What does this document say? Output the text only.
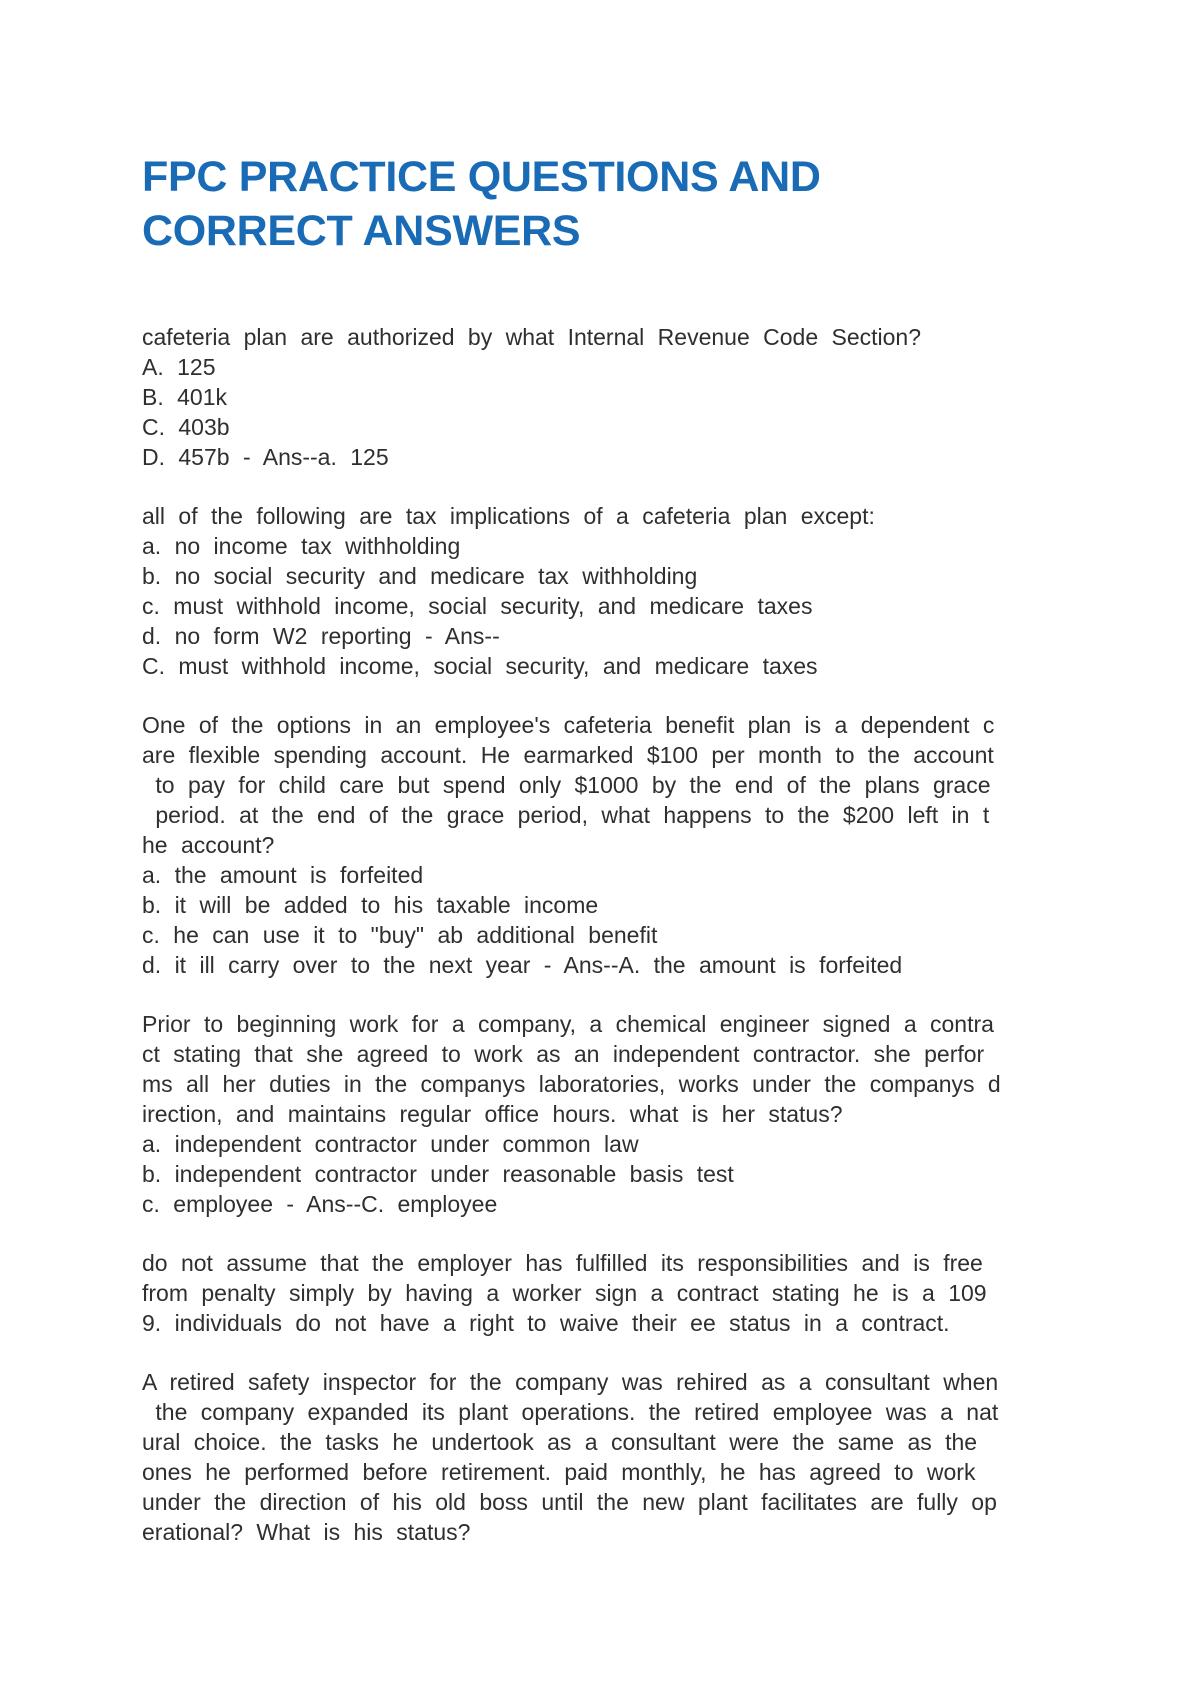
FPC PRACTICE QUESTIONS AND
CORRECT ANSWERS
cafeteria plan are authorized by what Internal Revenue Code Section?
A. 125
B. 401k
C. 403b
D. 457b - Ans--a. 125
all of the following are tax implications of a cafeteria plan except:
a. no income tax withholding
b. no social security and medicare tax withholding
c. must withhold income, social security, and medicare taxes
d. no form W2 reporting - Ans--
C. must withhold income, social security, and medicare taxes
One of the options in an employee's cafeteria benefit plan is a dependent c
are flexible spending account. He earmarked $100 per month to the account
to pay for child care but spend only $1000 by the end of the plans grace
period. at the end of the grace period, what happens to the $200 left in t
he account?
a. the amount is forfeited
b. it will be added to his taxable income
c. he can use it to "buy" ab additional benefit
d. it ill carry over to the next year - Ans--A. the amount is forfeited
Prior to beginning work for a company, a chemical engineer signed a contra
ct stating that she agreed to work as an independent contractor. she perfor
ms all her duties in the companys laboratories, works under the companys d
irection, and maintains regular office hours. what is her status?
a. independent contractor under common law
b. independent contractor under reasonable basis test
c. employee - Ans--C. employee
do not assume that the employer has fulfilled its responsibilities and is free
from penalty simply by having a worker sign a contract stating he is a 109
9. individuals do not have a right to waive their ee status in a contract.
A retired safety inspector for the company was rehired as a consultant when
the company expanded its plant operations. the retired employee was a nat
ural choice. the tasks he undertook as a consultant were the same as the
ones he performed before retirement. paid monthly, he has agreed to work
under the direction of his old boss until the new plant facilitates are fully op
erational? What is his status?
